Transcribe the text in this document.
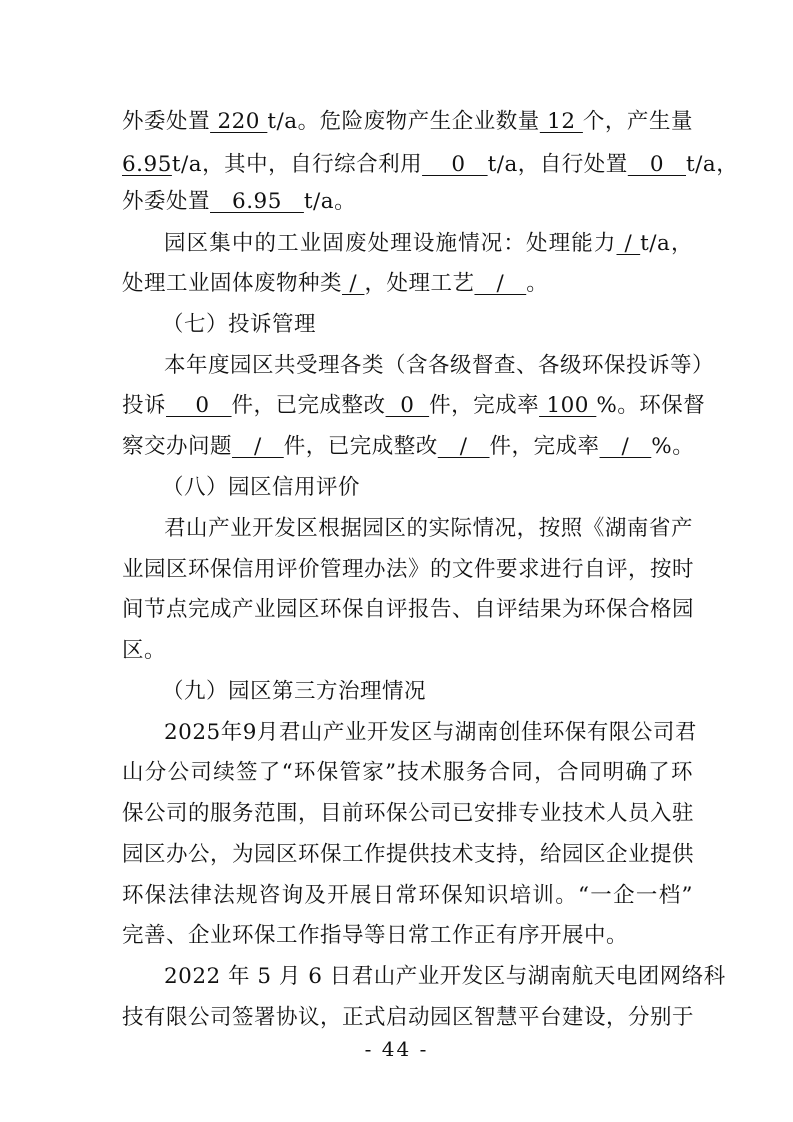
外委处置 220 t/a。危险废物产生企业数量 12 个，产生量
6.95t/a，其中，自行综合利用    0   t/a，自行处置   0   t/a，
外委处置   6.95   t/a。
园区集中的工业固废处理设施情况：处理能力 / t/a，
处理工业固体废物种类 / ，处理工艺   /   。
（七）投诉管理
本年度园区共受理各类（含各级督查、各级环保投诉等）
投诉    0   件，已完成整改  0  件，完成率 100 %。环保督
察交办问题   /   件，已完成整改   /   件，完成率   /   %。
（八）园区信用评价
君山产业开发区根据园区的实际情况，按照《湖南省产
业园区环保信用评价管理办法》的文件要求进行自评，按时
间节点完成产业园区环保自评报告、自评结果为环保合格园
区。
（九）园区第三方治理情况
2025年9月君山产业开发区与湖南创佳环保有限公司君
山分公司续签了“环保管家”技术服务合同，合同明确了环
保公司的服务范围，目前环保公司已安排专业技术人员入驻
园区办公，为园区环保工作提供技术支持，给园区企业提供
环保法律法规咨询及开展日常环保知识培训。“一企一档”
完善、企业环保工作指导等日常工作正有序开展中。
2022 年 5 月 6 日君山产业开发区与湖南航天电团网络科
技有限公司签署协议，正式启动园区智慧平台建设，分别于
- 44 -
